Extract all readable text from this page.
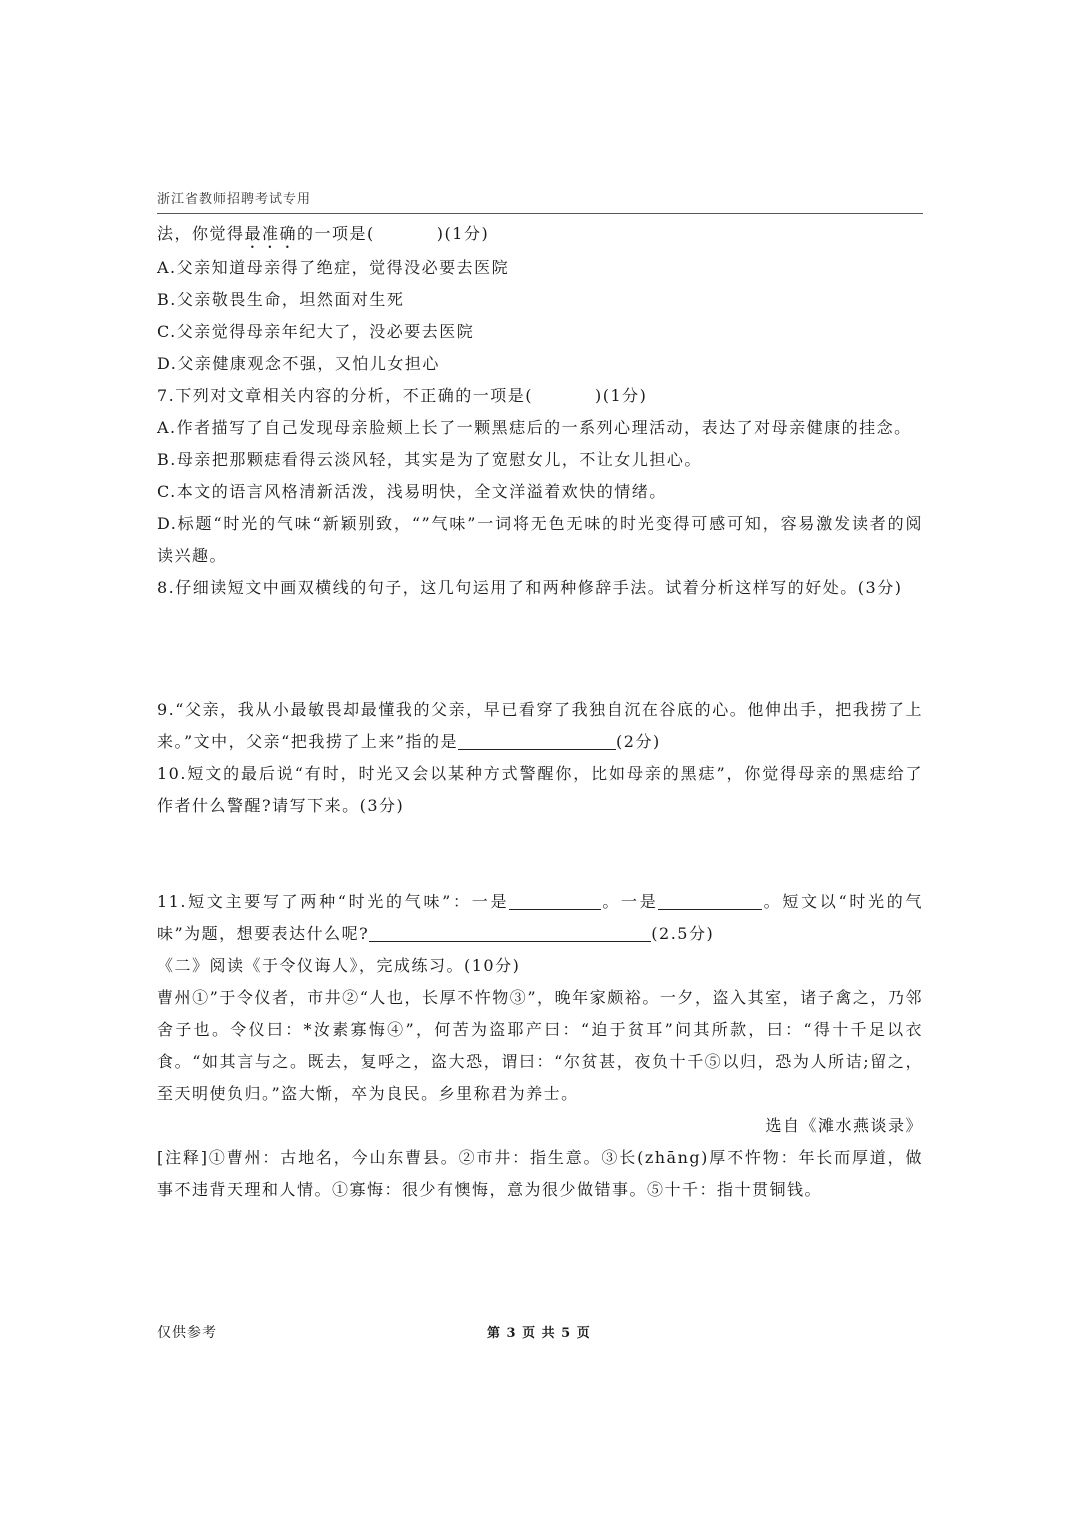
浙江省教师招聘考试专用

法，你觉得最准确的一项是(	)(1分)

A.父亲知道母亲得了绝症，觉得没必要去医院

B.父亲敬畏生命，坦然面对生死

C.父亲觉得母亲年纪大了，没必要去医院

D.父亲健康观念不强，又怕儿女担心

7.下列对文章相关内容的分析，不正确的一项是(	)(1分)

A.作者描写了自己发现母亲脸颊上长了一颗黑痣后的一系列心理活动，表达了对母亲健康的挂念。

B.母亲把那颗痣看得云淡风轻，其实是为了宽慰女儿，不让女儿担心。

C.本文的语言风格清新活泼，浅易明快，全文洋溢着欢快的情绪。

D.标题“时光的气味“新颖别致，“”气味”一词将无色无味的时光变得可感可知，容易激发读者的阅读兴趣。

8.仔细读短文中画双横线的句子，这几句运用了和两种修辞手法。试着分析这样写的好处。(3分)

9.“父亲，我从小最敏畏却最懂我的父亲，早已看穿了我独自沉在谷底的心。他伸出手，把我捞了上来。”文中，父亲“把我捞了上来”指的是	(2分)

10.短文的最后说“有时，时光又会以某种方式警醒你，比如母亲的黑痣”，你觉得母亲的黑痣给了作者什么警醒?请写下来。(3分)

11.短文主要写了两种“时光的气味”：一是	。一是	。短文以“时光的气味”为题，想要表达什么呢?	(2.5分)

《二》阅读《于令仪诲人》，完成练习。(10分)

曹州①”于令仪者，市井②“人也，长厚不忤物③”，晚年家颇裕。一夕，盗入其室，诸子禽之，乃邻舍子也。令仪曰：*汝素寡悔④”，何苦为盗耶产曰：“迫于贫耳”问其所款，曰：“得十千足以衣食。“如其言与之。既去，复呼之，盗大恐，谓曰：“尔贫甚，夜负十千⑤以归，恐为人所诘;留之，至天明使负归。”盗大惭，卒为良民。乡里称君为养士。

选自《滩水燕谈录》

[注释]①曹州：古地名，今山东曹县。②市井：指生意。③长(zhāng)厚不忤物：年长而厚道，做事不违背天理和人情。①寡悔：很少有懊悔，意为很少做错事。⑤十千：指十贯铜钱。

仅供参考	第 3 页 共 5 页
